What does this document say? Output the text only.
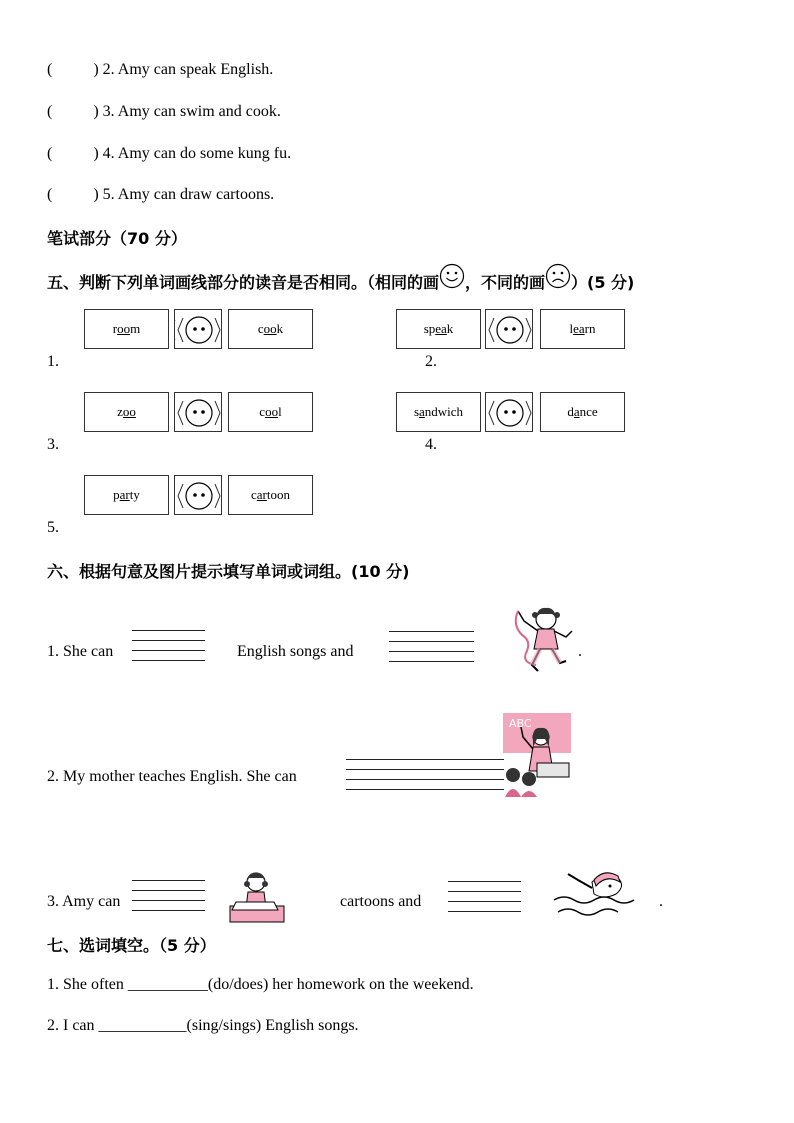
(	) 2. Amy can speak English.
(	) 3. Amy can swim and cook.
(	) 4. Amy can do some kung fu.
(	) 5. Amy can draw cartoons.
笔试部分（70 分）
五、判断下列单词画线部分的读音是否相同。（相同的画 ，不同的画 ）(5 分)
r oo m	c oo k
1.
sp ea k	l ea rn
2.
z oo	c oo l
3.
s a ndwich	d a nce
4.
p ar ty	c ar toon
5.
六、根据句意及图片提示填写单词或词组。(10 分)
1. She can	English songs and	.
2. My mother teaches English. She can
ABC
3. Amy can	cartoons and	.
七、选词填空。（5 分）
1. She often __________(do/does) her homework on the weekend.
2. I can ___________(sing/sings) English songs.
